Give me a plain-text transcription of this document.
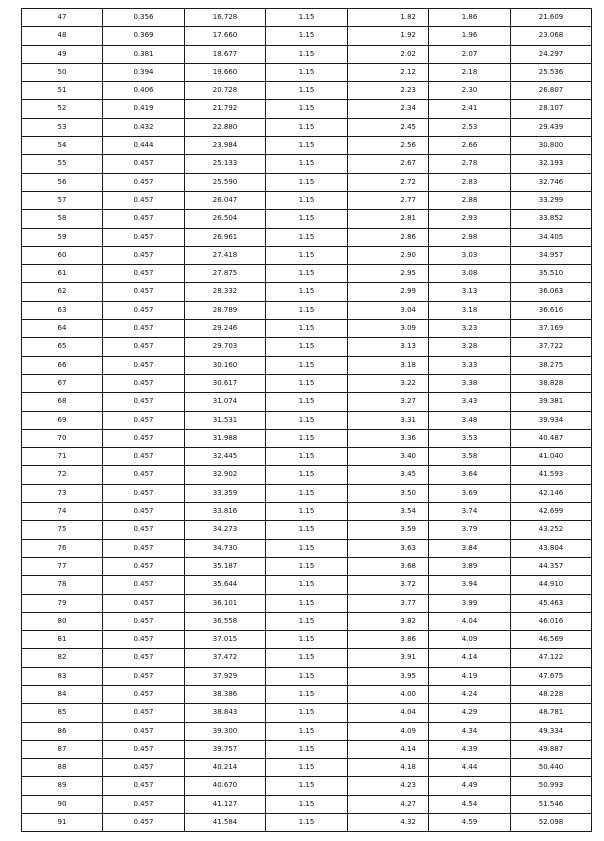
47	0.356	16.728	1.15	1.82	1.86	21.609
48	0.369	17.660	1.15	1.92	1.96	23.068
49	0.381	18.677	1.15	2.02	2.07	24.297
50	0.394	19.660	1.15	2.12	2.18	25.536
51	0.406	20.728	1.15	2.23	2.30	26.807
52	0.419	21.792	1.15	2.34	2.41	28.107
53	0.432	22.880	1.15	2.45	2.53	29.439
54	0.444	23.984	1.15	2.56	2.66	30.800
55	0.457	25.133	1.15	2.67	2.78	32.193
56	0.457	25.590	1.15	2.72	2.83	32.746
57	0.457	26.047	1.15	2.77	2.88	33.299
58	0.457	26.504	1.15	2.81	2.93	33.852
59	0.457	26.961	1.15	2.86	2.98	34.405
60	0.457	27.418	1.15	2.90	3.03	34.957
61	0.457	27.875	1.15	2.95	3.08	35.510
62	0.457	28.332	1.15	2.99	3.13	36.063
63	0.457	28.789	1.15	3.04	3.18	36.616
64	0.457	29.246	1.15	3.09	3.23	37.169
65	0.457	29.703	1.15	3.13	3.28	37.722
66	0.457	30.160	1.15	3.18	3.33	38.275
67	0.457	30.617	1.15	3.22	3.38	38.828
68	0.457	31.074	1.15	3.27	3.43	39.381
69	0.457	31.531	1.15	3.31	3.48	39.934
70	0.457	31.988	1.15	3.36	3.53	40.487
71	0.457	32.445	1.15	3.40	3.58	41.040
72	0.457	32.902	1.15	3.45	3.64	41.593
73	0.457	33.359	1.15	3.50	3.69	42.146
74	0.457	33.816	1.15	3.54	3.74	42.699
75	0.457	34.273	1.15	3.59	3.79	43.252
76	0.457	34.730	1.15	3.63	3.84	43.804
77	0.457	35.187	1.15	3.68	3.89	44.357
78	0.457	35.644	1.15	3.72	3.94	44.910
79	0.457	36.101	1.15	3.77	3.99	45.463
80	0.457	36.558	1.15	3.82	4.04	46.016
81	0.457	37.015	1.15	3.86	4.09	46.569
82	0.457	37.472	1.15	3.91	4.14	47.122
83	0.457	37.929	1.15	3.95	4.19	47.675
84	0.457	38.386	1.15	4.00	4.24	48.228
85	0.457	38.843	1.15	4.04	4.29	48.781
86	0.457	39.300	1.15	4.09	4.34	49.334
87	0.457	39.757	1.15	4.14	4.39	49.887
88	0.457	40.214	1.15	4.18	4.44	50.440
89	0.457	40.670	1.15	4.23	4.49	50.993
90	0.457	41.127	1.15	4.27	4.54	51.546
91	0.457	41.584	1.15	4.32	4.59	52.098
